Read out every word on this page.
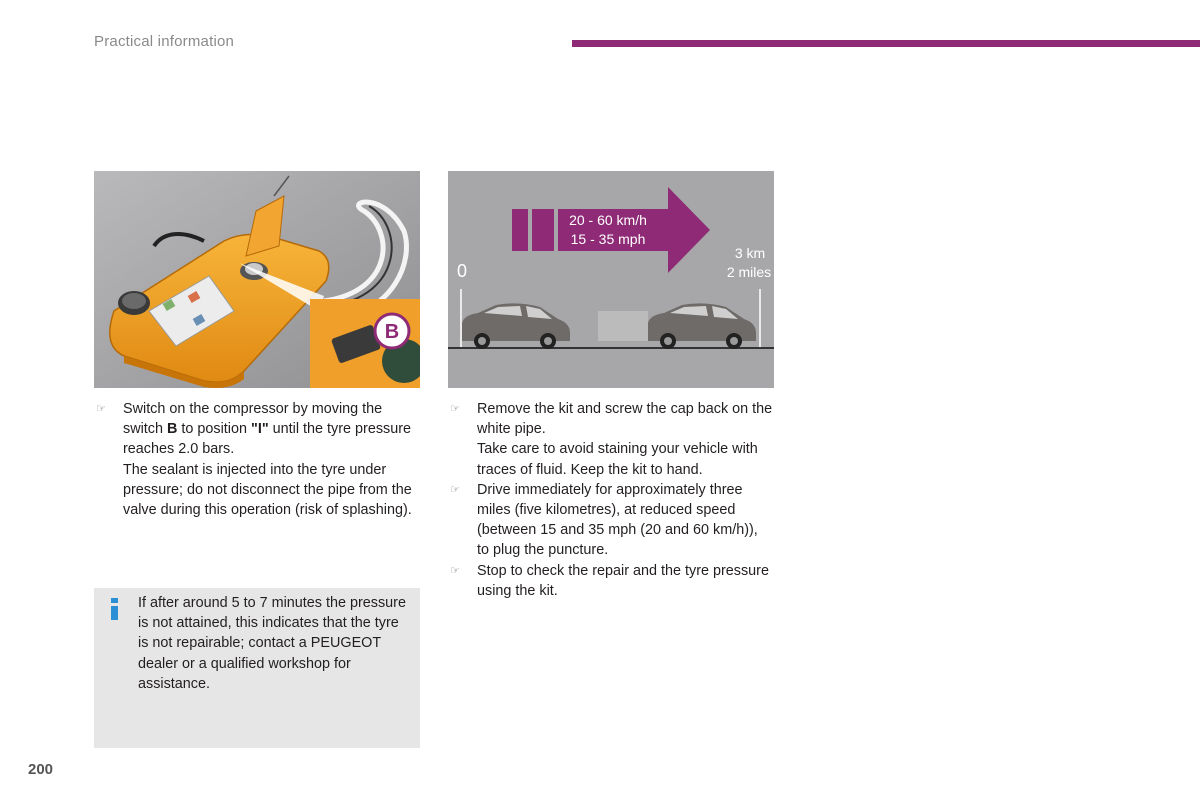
Practical information
B
20 - 60 km/h
15 - 35 mph
0
3 km
2 miles
☞ Switch on the compressor by moving the switch B to position "I" until the tyre pressure reaches 2.0 bars.
The sealant is injected into the tyre under pressure; do not disconnect the pipe from the valve during this operation (risk of splashing).
If after around 5 to 7 minutes the pressure is not attained, this indicates that the tyre is not repairable; contact a PEUGEOT dealer or a qualified workshop for assistance.
☞ Remove the kit and screw the cap back on the white pipe.
Take care to avoid staining your vehicle with traces of fluid. Keep the kit to hand.
☞ Drive immediately for approximately three miles (five kilometres), at reduced speed (between 15 and 35 mph (20 and 60 km/h)), to plug the puncture.
☞ Stop to check the repair and the tyre pressure using the kit.
200
